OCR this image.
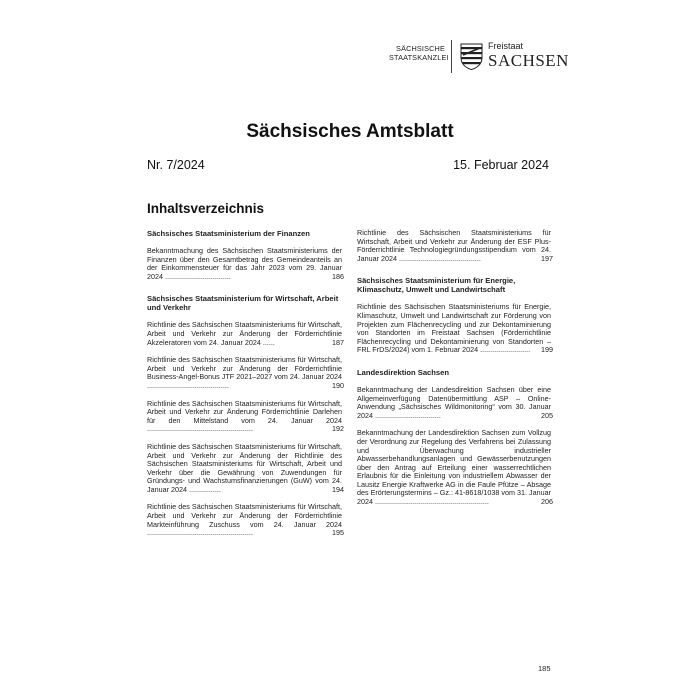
SÄCHSISCHE
STAATSKANZLEI
Freistaat
SACHSEN
Sächsisches Amtsblatt
Nr. 7/2024	15. Februar 2024
Inhaltsverzeichnis
Sächsisches Staatsministerium der Finanzen
Bekanntmachung des Sächsischen Staatsministeriums der Finanzen über den Gesamtbetrag des Gemeindeanteils an der Einkommensteuer für das Jahr 2023 vom 29. Januar 2024 .................................	186
Sächsisches Staatsministerium für Wirtschaft, Arbeit und Verkehr
Richtlinie des Sächsischen Staatsministeriums für Wirtschaft, Arbeit und Verkehr zur Änderung der Förderrichtlinie Akzeleratoren vom 24. Januar 2024 ......	187
Richtlinie des Sächsischen Staatsministeriums für Wirtschaft, Arbeit und Verkehr zur Änderung der Förderrichtlinie Business-Angel-Bonus JTF 2021–2027 vom 24. Januar 2024 .........................................	190
Richtlinie des Sächsischen Staatsministeriums für Wirtschaft, Arbeit und Verkehr zur Änderung Förderrichtlinie Darlehen für den Mittelstand vom 24. Januar 2024 .....................................................	192
Richtlinie des Sächsischen Staatsministeriums für Wirtschaft, Arbeit und Verkehr zur Änderung der Richtlinie des Sächsischen Staatsministeriums für Wirtschaft, Arbeit und Verkehr über die Gewährung von Zuwendungen für Gründungs- und Wachstumsfinanzierungen (GuW) vom 24. Januar 2024 ................	194
Richtlinie des Sächsischen Staatsministeriums für Wirtschaft, Arbeit und Verkehr zur Änderung der Förderrichtlinie Markteinführung Zuschuss vom 24. Januar 2024 .....................................................	195
Richtlinie des Sächsischen Staatsministeriums für Wirtschaft, Arbeit und Verkehr zur Änderung der ESF Plus-Förderrichtlinie Technologiegründungsstipendium vom 24. Januar 2024 .........................................	197
Sächsisches Staatsministerium für Energie, Klimaschutz, Umwelt und Landwirtschaft
Richtlinie des Sächsischen Staatsministeriums für Energie, Klimaschutz, Umwelt und Landwirtschaft zur Förderung von Projekten zum Flächenrecycling und zur Dekontaminierung von Standorten im Freistaat Sachsen (Förderrichtlinie Flächenrecycling und Dekontaminierung von Standorten – FRL FrDS/2024) vom 1. Februar 2024 .........................	199
Landesdirektion Sachsen
Bekanntmachung der Landesdirektion Sachsen über eine Allgemeinverfügung Datenübermittlung ASP – Online-Anwendung „Sächsisches Wildmonitoring“ vom 30. Januar 2024 .................................	205
Bekanntmachung der Landesdirektion Sachsen zum Vollzug der Verordnung zur Regelung des Verfahrens bei Zulassung und Überwachung industrieller Abwasserbehandlungsanlagen und Gewässerbenutzungen über den Antrag auf Erteilung einer wasserrechtlichen Erlaubnis für die Einleitung von industriellem Abwasser der Lausitz Energie Kraftwerke AG in die Faule Pfütze – Absage des Erörterungstermins – Gz.: 41-8618/1038 vom 31. Januar 2024 .........................................................	206
185
